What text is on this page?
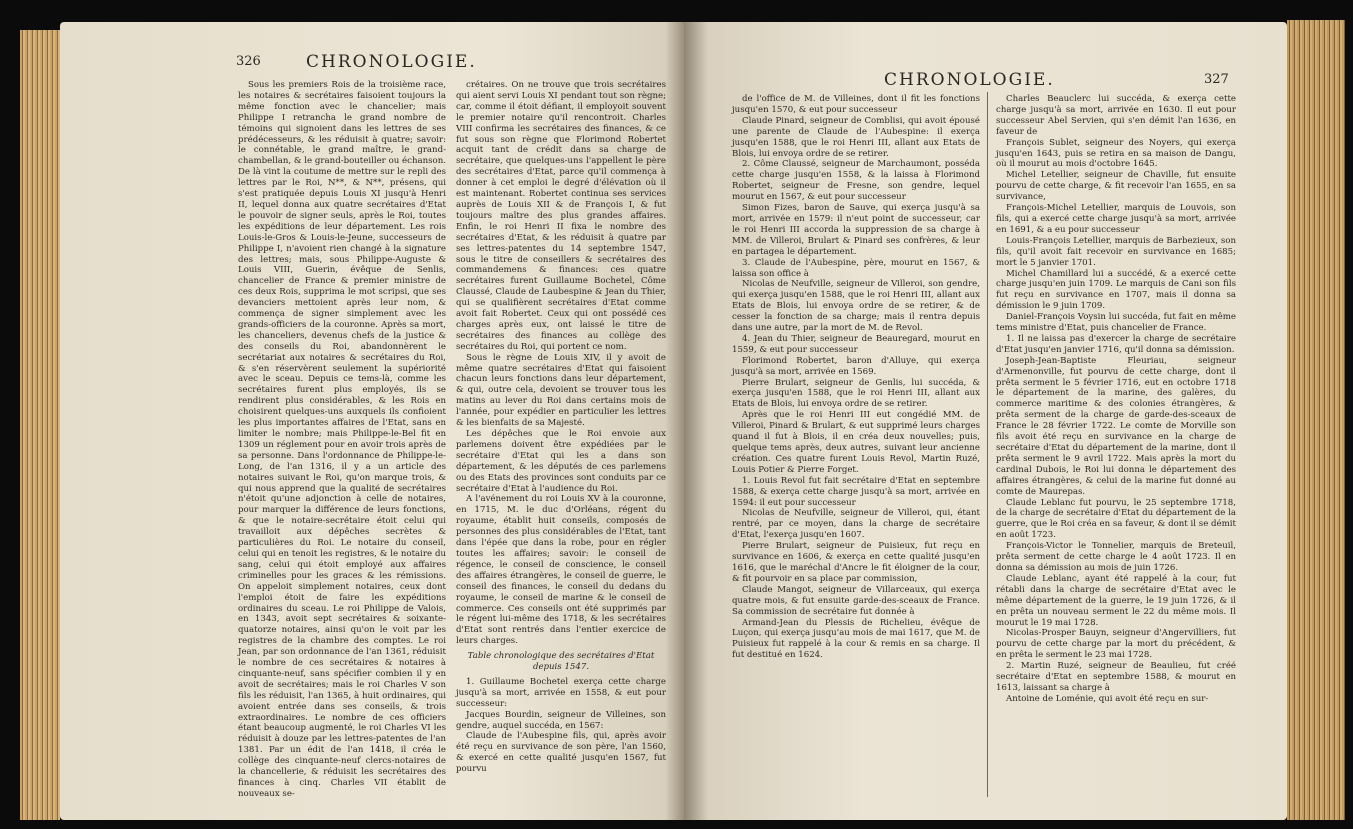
326	CHRONOLOGIE.

Sous les premiers Rois de la troisième race, les notaires & secrétaires faisoient toujours la même fonction avec le chancelier; mais Philippe I retrancha le grand nombre de témoins qui signoient dans les lettres de ses prédécesseurs, & les réduisit à quatre; savoir: le connétable, le grand maître, le grand-chambellan, & le grand-bouteiller ou échanson. De là vint la coutume de mettre sur le repli des lettres par le Roi, N**, & N**, présens, qui s'est pratiquée depuis Louis XI jusqu'à Henri II, lequel donna aux quatre secrétaires d'Etat le pouvoir de signer seuls, après le Roi, toutes les expéditions de leur département. Les rois Louis-le-Gros & Louis-le-Jeune, successeurs de Philippe I, n'avoient rien changé à la signature des lettres; mais, sous Philippe-Auguste & Louis VIII, Guerin, évêque de Senlis, chancelier de France & premier ministre de ces deux Rois, supprima le mot scripsi, que ses devanciers mettoient après leur nom, & commença de signer simplement avec les grands-officiers de la couronne. Après sa mort, les chanceliers, devenus chefs de la justice & des conseils du Roi, abandonnèrent le secrétariat aux notaires & secrétaires du Roi, & s'en réservèrent seulement la supériorité avec le sceau. Depuis ce tems-là, comme les secrétaires furent plus employés, ils se rendirent plus considérables, & les Rois en choisirent quelques-uns auxquels ils confioient les plus importantes affaires de l'Etat, sans en limiter le nombre; mais Philippe-le-Bel fit en 1309 un réglement pour en avoir trois après de sa personne. Dans l'ordonnance de Philippe-le-Long, de l'an 1316, il y a un article des notaires suivant le Roi, qu'on marque trois, & qui nous apprend que la qualité de secrétaires n'étoit qu'une adjonction à celle de notaires, pour marquer la différence de leurs fonctions, & que le notaire-secrétaire étoit celui qui travailloit aux dépêches secrètes & particulières du Roi. Le notaire du conseil, celui qui en tenoit les registres, & le notaire du sang, celui qui étoit employé aux affaires criminelles pour les graces & les rémissions. On appeloit simplement notaires, ceux dont l'emploi étoit de faire les expéditions ordinaires du sceau. Le roi Philippe de Valois, en 1343, avoit sept secrétaires & soixante-quatorze notaires, ainsi qu'on le voit par les registres de la chambre des comptes. Le roi Jean, par son ordonnance de l'an 1361, réduisit le nombre de ces secrétaires & notaires à cinquante-neuf, sans spécifier combien il y en avoit de secrétaires; mais le roi Charles V son fils les réduisit, l'an 1365, à huit ordinaires, qui avoient entrée dans ses conseils, & trois extraordinaires. Le nombre de ces officiers étant beaucoup augmenté, le roi Charles VI les réduisit à douze par les lettres-patentes de l'an 1381. Par un édit de l'an 1418, il créa le collège des cinquante-neuf clercs-notaires de la chancellerie, & réduisit les secrétaires des finances à cinq. Charles VII établit de nouveaux se-

crétaires. On ne trouve que trois secrétaires qui aient servi Louis XI pendant tout son règne; car, comme il étoit défiant, il employoit souvent le premier notaire qu'il rencontroit. Charles VIII confirma les secrétaires des finances, & ce fut sous son règne que Florimond Robertet acquit tant de crédit dans sa charge de secrétaire, que quelques-uns l'appellent le père des secrétaires d'Etat, parce qu'il commença à donner à cet emploi le degré d'élévation où il est maintenant. Robertet continua ses services auprès de Louis XII & de François I, & fut toujours maître des plus grandes affaires. Enfin, le roi Henri II fixa le nombre des secrétaires d'Etat, & les réduisit à quatre par ses lettres-patentes du 14 septembre 1547, sous le titre de conseillers & secrétaires des commandemens & finances: ces quatre secrétaires furent Guillaume Bochetel, Côme Claussé, Claude de Laubespine & Jean du Thier, qui se qualifièrent secrétaires d'Etat comme avoit fait Robertet. Ceux qui ont possédé ces charges après eux, ont laissé le titre de secrétaires des finances au collège des secrétaires du Roi, qui portent ce nom.

Sous le règne de Louis XIV, il y avoit de même quatre secrétaires d'Etat qui faisoient chacun leurs fonctions dans leur département, & qui, outre cela, devoient se trouver tous les matins au lever du Roi dans certains mois de l'année, pour expédier en particulier les lettres & les bienfaits de sa Majesté.

Les dépêches que le Roi envoie aux parlemens doivent être expédiées par le secrétaire d'Etat qui les a dans son département, & les députés de ces parlemens ou des Etats des provinces sont conduits par ce secrétaire d'Etat à l'audience du Roi.

A l'avénement du roi Louis XV à la couronne, en 1715, M. le duc d'Orléans, régent du royaume, établit huit conseils, composés de personnes des plus considérables de l'Etat, tant dans l'épée que dans la robe, pour en régler toutes les affaires; savoir: le conseil de régence, le conseil de conscience, le conseil des affaires étrangères, le conseil de guerre, le conseil des finances, le conseil du dedans du royaume, le conseil de marine & le conseil de commerce. Ces conseils ont été supprimés par le régent lui-même des 1718, & les secrétaires d'Etat sont rentrés dans l'entier exercice de leurs charges.

Table chronologique des secrétaires d'Etat depuis 1547.

1. Guillaume Bochetel exerça cette charge jusqu'à sa mort, arrivée en 1558, & eut pour successeur:

Jacques Bourdin, seigneur de Villeines, son gendre, auquel succéda, en 1567:

Claude de l'Aubespine fils, qui, après avoir été reçu en survivance de son père, l'an 1560, & exercé en cette qualité jusqu'en 1567, fut pourvu

CHRONOLOGIE.	327

de l'office de M. de Villeines, dont il fit les fonctions jusqu'en 1570, & eut pour successeur

Claude Pinard, seigneur de Comblisi, qui avoit épousé une parente de Claude de l'Aubespine: il exerça jusqu'en 1588, que le roi Henri III, allant aux Etats de Blois, lui envoya ordre de se retirer.

2. Côme Claussé, seigneur de Marchaumont, posséda cette charge jusqu'en 1558, & la laissa à Florimond Robertet, seigneur de Fresne, son gendre, lequel mourut en 1567, & eut pour successeur

Simon Fizes, baron de Sauve, qui exerça jusqu'à sa mort, arrivée en 1579: il n'eut point de successeur, car le roi Henri III accorda la suppression de sa charge à MM. de Villeroi, Brulart & Pinard ses confrères, & leur en partagea le département.

3. Claude de l'Aubespine, père, mourut en 1567, & laissa son office à

Nicolas de Neufville, seigneur de Villeroi, son gendre, qui exerça jusqu'en 1588, que le roi Henri III, allant aux Etats de Blois, lui envoya ordre de se retirer, & de cesser la fonction de sa charge; mais il rentra depuis dans une autre, par la mort de M. de Revol.

4. Jean du Thier, seigneur de Beauregard, mourut en 1559, & eut pour successeur

Florimond Robertet, baron d'Alluye, qui exerça jusqu'à sa mort, arrivée en 1569.

Pierre Brulart, seigneur de Genlis, lui succéda, & exerça jusqu'en 1588, que le roi Henri III, allant aux Etats de Blois, lui envoya ordre de se retirer.

Après que le roi Henri III eut congédié MM. de Villeroi, Pinard & Brulart, & eut supprimé leurs charges quand il fut à Blois, il en créa deux nouvelles; puis, quelque tems après, deux autres, suivant leur ancienne création. Ces quatre furent Louis Revol, Martin Ruzé, Louis Potier & Pierre Forget.

1. Louis Revol fut fait secrétaire d'Etat en septembre 1588, & exerça cette charge jusqu'à sa mort, arrivée en 1594: il eut pour successeur

Nicolas de Neufville, seigneur de Villeroi, qui, étant rentré, par ce moyen, dans la charge de secrétaire d'Etat, l'exerça jusqu'en 1607.

Pierre Brulart, seigneur de Puisieux, fut reçu en survivance en 1606, & exerça en cette qualité jusqu'en 1616, que le maréchal d'Ancre le fit éloigner de la cour, & fit pourvoir en sa place par commission,

Claude Mangot, seigneur de Villarceaux, qui exerça quatre mois, & fut ensuite garde-des-sceaux de France. Sa commission de secrétaire fut donnée à

Armand-Jean du Plessis de Richelieu, évêque de Luçon, qui exerça jusqu'au mois de mai 1617, que M. de Puisieux fut rappelé à la cour & remis en sa charge. Il fut destitué en 1624.

Charles Beauclerc lui succéda, & exerça cette charge jusqu'à sa mort, arrivée en 1630. Il eut pour successeur Abel Servien, qui s'en démit l'an 1636, en faveur de

François Sublet, seigneur des Noyers, qui exerça jusqu'en 1643, puis se retira en sa maison de Dangu, où il mourut au mois d'octobre 1645.

Michel Letellier, seigneur de Chaville, fut ensuite pourvu de cette charge, & fit recevoir l'an 1655, en sa survivance,

François-Michel Letellier, marquis de Louvois, son fils, qui a exercé cette charge jusqu'à sa mort, arrivée en 1691, & a eu pour successeur

Louis-François Letellier, marquis de Barbezieux, son fils, qu'il avoit fait recevoir en survivance en 1685; mort le 5 janvier 1701.

Michel Chamillard lui a succédé, & a exercé cette charge jusqu'en juin 1709. Le marquis de Cani son fils fut reçu en survivance en 1707, mais il donna sa démission le 9 juin 1709.

Daniel-François Voysin lui succéda, fut fait en même tems ministre d'Etat, puis chancelier de France.

1. Il ne laissa pas d'exercer la charge de secrétaire d'Etat jusqu'en janvier 1716, qu'il donna sa démission.

Joseph-Jean-Baptiste Fleuriau, seigneur d'Armenonville, fut pourvu de cette charge, dont il prêta serment le 5 février 1716, eut en octobre 1718 le département de la marine, des galères, du commerce maritime & des colonies étrangères, & prêta serment de la charge de garde-des-sceaux de France le 28 février 1722. Le comte de Morville son fils avoit été reçu en survivance en la charge de secrétaire d'Etat du département de la marine, dont il prêta serment le 9 avril 1722. Mais après la mort du cardinal Dubois, le Roi lui donna le département des affaires étrangères, & celui de la marine fut donné au comte de Maurepas.

Claude Leblanc fut pourvu, le 25 septembre 1718, de la charge de secrétaire d'Etat du département de la guerre, que le Roi créa en sa faveur, & dont il se démit en août 1723.

François-Victor le Tonnelier, marquis de Breteuil, prêta serment de cette charge le 4 août 1723. Il en donna sa démission au mois de juin 1726.

Claude Leblanc, ayant été rappelé à la cour, fut rétabli dans la charge de secrétaire d'Etat avec le même département de la guerre, le 19 juin 1726, & il en prêta un nouveau serment le 22 du même mois. Il mourut le 19 mai 1728.

Nicolas-Prosper Bauyn, seigneur d'Angervilliers, fut pourvu de cette charge par la mort du précédent, & en prêta le serment le 23 mai 1728.

2. Martin Ruzé, seigneur de Beaulieu, fut créé secrétaire d'Etat en septembre 1588, & mourut en 1613, laissant sa charge à

Antoine de Loménie, qui avoit été reçu en sur-
